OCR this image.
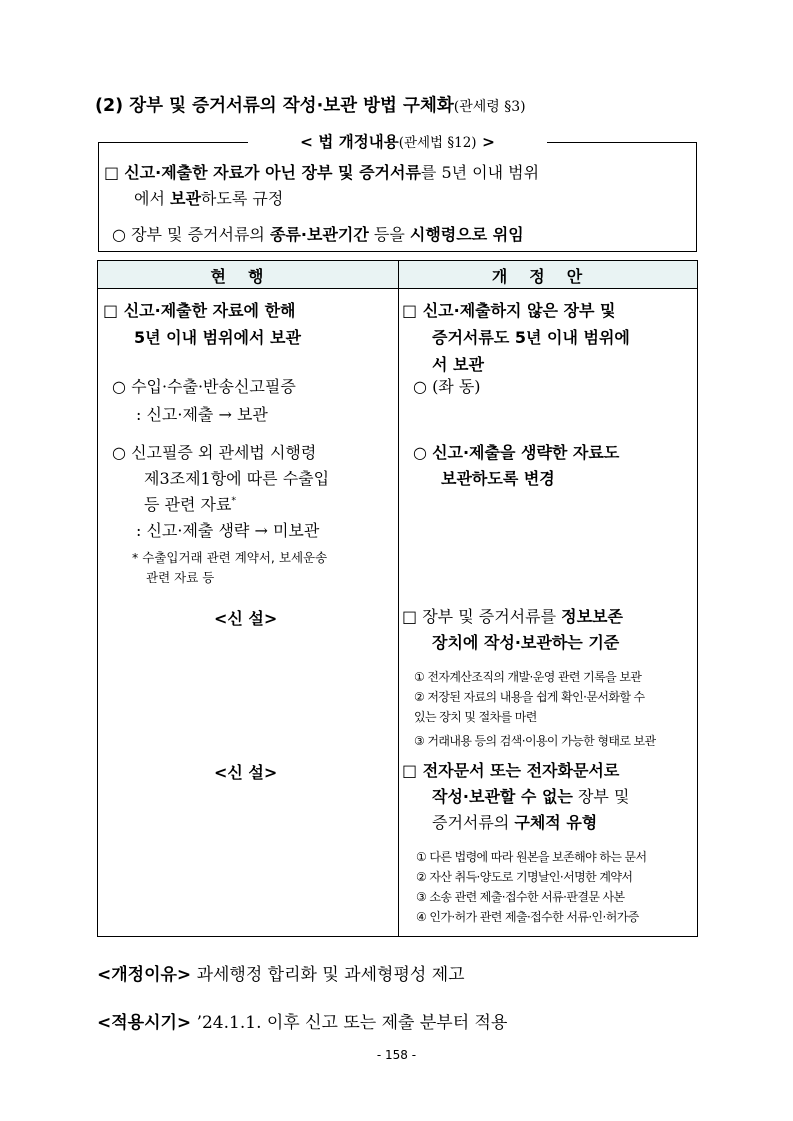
(2) 장부 및 증거서류의 작성·보관 방법 구체화(관세령 §3)
< 법 개정내용(관세법 §12) >
□ 신고·제출한 자료가 아닌 장부 및 증거서류를 5년 이내 범위
에서 보관하도록 규정
○ 장부 및 증거서류의 종류·보관기간 등을 시행령으로 위임
현행	개정안
□ 신고·제출한 자료에 한해
5년 이내 범위에서 보관
○ 수입·수출·반송신고필증
: 신고·제출 → 보관
○ 신고필증 외 관세법 시행령
제3조제1항에 따른 수출입
등 관련 자료*
: 신고·제출 생략 → 미보관
* 수출입거래 관련 계약서, 보세운송
관련 자료 등
<신 설>
<신 설>
□ 신고·제출하지 않은 장부 및
증거서류도 5년 이내 범위에
서 보관
○ (좌 동)
○ 신고·제출을 생략한 자료도
보관하도록 변경
□ 장부 및 증거서류를 정보보존
장치에 작성·보관하는 기준
① 전자계산조직의 개발·운영 관련 기록을 보관
② 저장된 자료의 내용을 쉽게 확인·문서화할 수
있는 장치 및 절차를 마련
③ 거래내용 등의 검색·이용이 가능한 형태로 보관
□ 전자문서 또는 전자화문서로
작성·보관할 수 없는 장부 및
증거서류의 구체적 유형
① 다른 법령에 따라 원본을 보존해야 하는 문서
② 자산 취득·양도로 기명날인·서명한 계약서
③ 소송 관련 제출·접수한 서류·판결문 사본
④ 인가·허가 관련 제출·접수한 서류·인·허가증
<개정이유> 과세행정 합리화 및 과세형평성 제고
<적용시기> ’24.1.1. 이후 신고 또는 제출 분부터 적용
- 158 -
